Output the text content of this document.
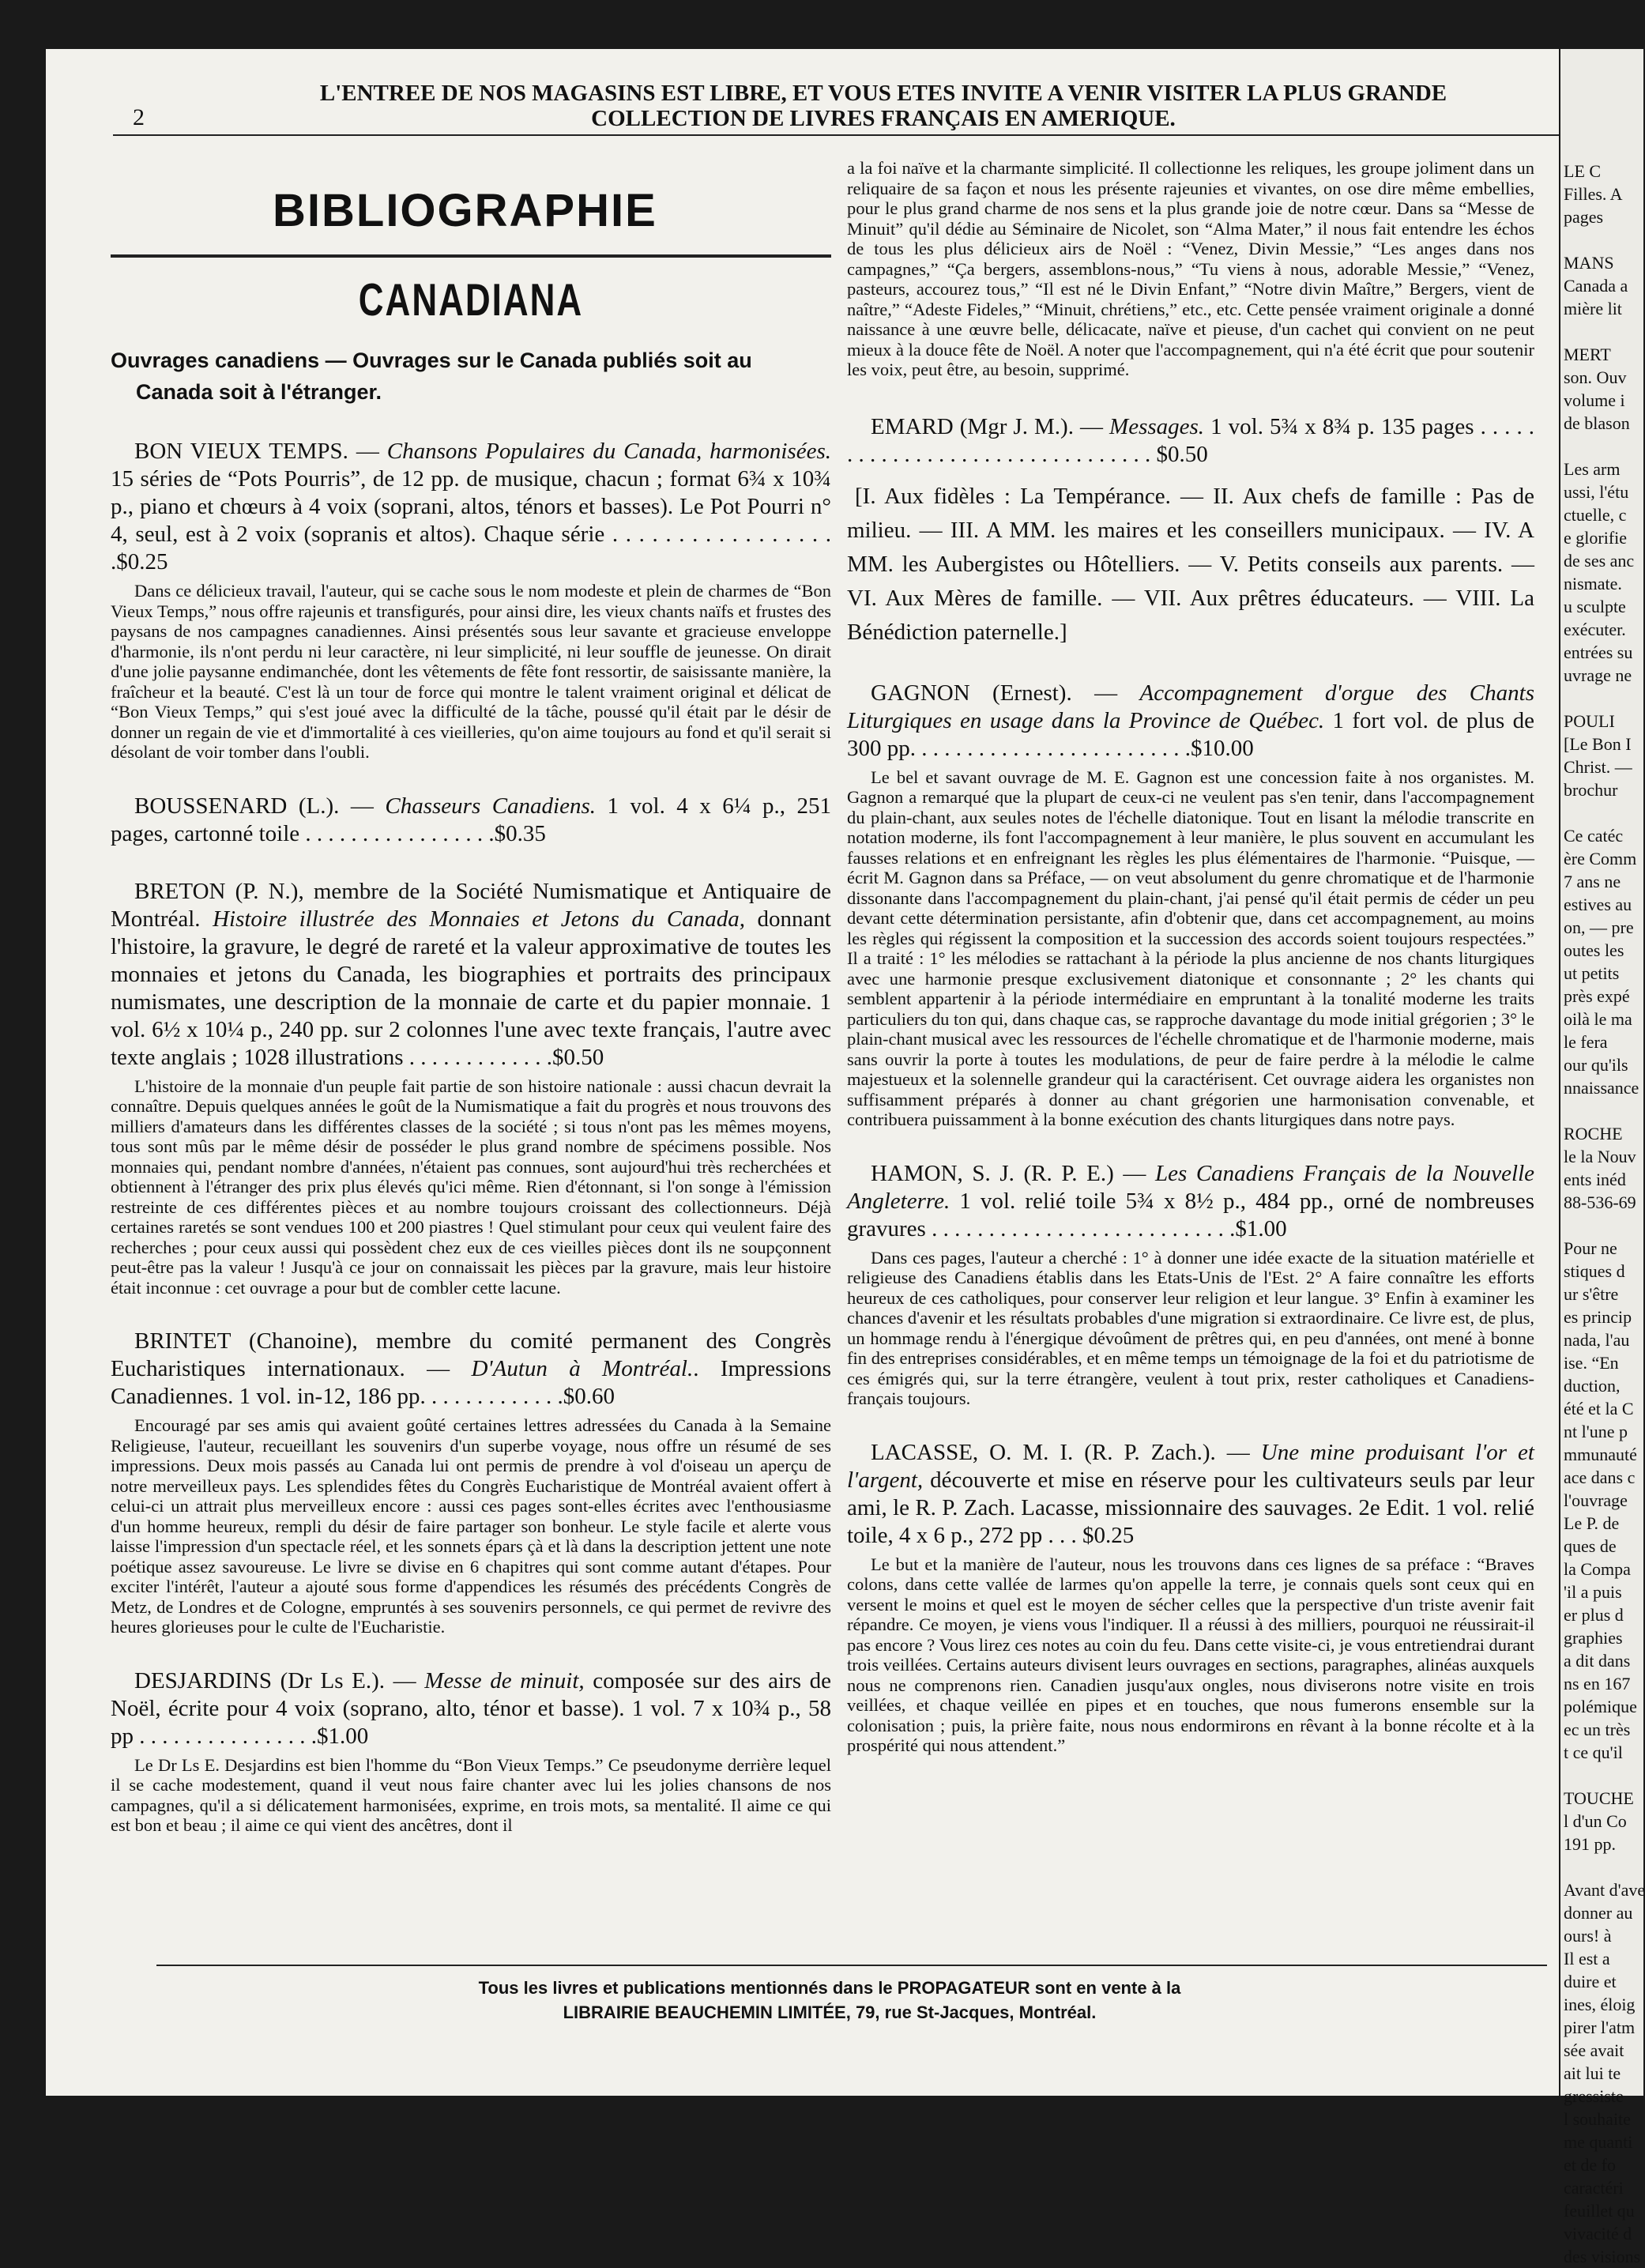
2
L'ENTREE DE NOS MAGASINS EST LIBRE, ET VOUS ETES INVITE A VENIR VISITER LA PLUS GRANDE
COLLECTION DE LIVRES FRANÇAIS EN AMERIQUE.
BIBLIOGRAPHIE
CANADIANA
Ouvrages canadiens — Ouvrages sur le Canada publiés soit au Canada soit à l'étranger.
BON VIEUX TEMPS. — Chansons Populaires du Canada, harmonisées. 15 séries de “Pots Pourris”, de 12 pp. de musique, chacun ; format 6¾ x 10¾ p., piano et chœurs à 4 voix (soprani, altos, ténors et basses). Le Pot Pourri n° 4, seul, est à 2 voix (sopranis et altos). Chaque série . . . . . . . . . . . . . . . . . .$0.25
Dans ce délicieux travail, l'auteur, qui se cache sous le nom modeste et plein de charmes de “Bon Vieux Temps,” nous offre rajeunis et transfigurés, pour ainsi dire, les vieux chants naïfs et frustes des paysans de nos campagnes canadiennes. Ainsi présentés sous leur savante et gracieuse enveloppe d'harmonie, ils n'ont perdu ni leur caractère, ni leur simplicité, ni leur souffle de jeunesse. On dirait d'une jolie paysanne endimanchée, dont les vêtements de fête font ressortir, de saisissante manière, la fraîcheur et la beauté. C'est là un tour de force qui montre le talent vraiment original et délicat de “Bon Vieux Temps,” qui s'est joué avec la difficulté de la tâche, poussé qu'il était par le désir de donner un regain de vie et d'immortalité à ces vieilleries, qu'on aime toujours au fond et qu'il serait si désolant de voir tomber dans l'oubli.
BOUSSENARD (L.). — Chasseurs Canadiens. 1 vol. 4 x 6¼ p., 251 pages, cartonné toile . . . . . . . . . . . . . . . . .$0.35
BRETON (P. N.), membre de la Société Numismatique et Antiquaire de Montréal. Histoire illustrée des Monnaies et Jetons du Canada, donnant l'histoire, la gravure, le degré de rareté et la valeur approximative de toutes les monnaies et jetons du Canada, les biographies et portraits des principaux numismates, une description de la monnaie de carte et du papier monnaie. 1 vol. 6½ x 10¼ p., 240 pp. sur 2 colonnes l'une avec texte français, l'autre avec texte anglais ; 1028 illustrations . . . . . . . . . . . . .$0.50
L'histoire de la monnaie d'un peuple fait partie de son histoire nationale : aussi chacun devrait la connaître. Depuis quelques années le goût de la Numismatique a fait du progrès et nous trouvons des milliers d'amateurs dans les différentes classes de la société ; si tous n'ont pas les mêmes moyens, tous sont mûs par le même désir de posséder le plus grand nombre de spécimens possible. Nos monnaies qui, pendant nombre d'années, n'étaient pas connues, sont aujourd'hui très recherchées et obtiennent à l'étranger des prix plus élevés qu'ici même. Rien d'étonnant, si l'on songe à l'émission restreinte de ces différentes pièces et au nombre toujours croissant des collectionneurs. Déjà certaines raretés se sont vendues 100 et 200 piastres ! Quel stimulant pour ceux qui veulent faire des recherches ; pour ceux aussi qui possèdent chez eux de ces vieilles pièces dont ils ne soupçonnent peut-être pas la valeur ! Jusqu'à ce jour on connaissait les pièces par la gravure, mais leur histoire était inconnue : cet ouvrage a pour but de combler cette lacune.
BRINTET (Chanoine), membre du comité permanent des Congrès Eucharistiques internationaux. — D'Autun à Montréal.. Impressions Canadiennes. 1 vol. in-12, 186 pp. . . . . . . . . . . . .$0.60
Encouragé par ses amis qui avaient goûté certaines lettres adressées du Canada à la Semaine Religieuse, l'auteur, recueillant les souvenirs d'un superbe voyage, nous offre un résumé de ses impressions. Deux mois passés au Canada lui ont permis de prendre à vol d'oiseau un aperçu de notre merveilleux pays. Les splendides fêtes du Congrès Eucharistique de Montréal avaient offert à celui-ci un attrait plus merveilleux encore : aussi ces pages sont-elles écrites avec l'enthousiasme d'un homme heureux, rempli du désir de faire partager son bonheur. Le style facile et alerte vous laisse l'impression d'un spectacle réel, et les sonnets épars çà et là dans la description jettent une note poétique assez savoureuse. Le livre se divise en 6 chapitres qui sont comme autant d'étapes. Pour exciter l'intérêt, l'auteur a ajouté sous forme d'appendices les résumés des précédents Congrès de Metz, de Londres et de Cologne, empruntés à ses souvenirs personnels, ce qui permet de revivre des heures glorieuses pour le culte de l'Eucharistie.
DESJARDINS (Dr Ls E.). — Messe de minuit, composée sur des airs de Noël, écrite pour 4 voix (soprano, alto, ténor et basse). 1 vol. 7 x 10¾ p., 58 pp . . . . . . . . . . . . . . . .$1.00
Le Dr Ls E. Desjardins est bien l'homme du “Bon Vieux Temps.” Ce pseudonyme derrière lequel il se cache modestement, quand il veut nous faire chanter avec lui les jolies chansons de nos campagnes, qu'il a si délicatement harmonisées, exprime, en trois mots, sa mentalité. Il aime ce qui est bon et beau ; il aime ce qui vient des ancêtres, dont il
a la foi naïve et la charmante simplicité. Il collectionne les reliques, les groupe joliment dans un reliquaire de sa façon et nous les présente rajeunies et vivantes, on ose dire même embellies, pour le plus grand charme de nos sens et la plus grande joie de notre cœur. Dans sa “Messe de Minuit” qu'il dédie au Séminaire de Nicolet, son “Alma Mater,” il nous fait entendre les échos de tous les plus délicieux airs de Noël : “Venez, Divin Messie,” “Les anges dans nos campagnes,” “Ça bergers, assemblons-nous,” “Tu viens à nous, adorable Messie,” “Venez, pasteurs, accourez tous,” “Il est né le Divin Enfant,” “Notre divin Maître,” Bergers, vient de naître,” “Adeste Fideles,” “Minuit, chrétiens,” etc., etc. Cette pensée vraiment originale a donné naissance à une œuvre belle, délicacate, naïve et pieuse, d'un cachet qui convient on ne peut mieux à la douce fête de Noël. A noter que l'accompagnement, qui n'a été écrit que pour soutenir les voix, peut être, au besoin, supprimé.
EMARD (Mgr J. M.). — Messages. 1 vol. 5¾ x 8¾ p. 135 pages . . . . . . . . . . . . . . . . . . . . . . . . . . . . . . . . $0.50
[I. Aux fidèles : La Tempérance. — II. Aux chefs de famille : Pas de milieu. — III. A MM. les maires et les conseillers municipaux. — IV. A MM. les Aubergistes ou Hôtelliers. — V. Petits conseils aux parents. — VI. Aux Mères de famille. — VII. Aux prêtres éducateurs. — VIII. La Bénédiction paternelle.]
GAGNON (Ernest). — Accompagnement d'orgue des Chants Liturgiques en usage dans la Province de Québec. 1 fort vol. de plus de 300 pp. . . . . . . . . . . . . . . . . . . . . . . . .$10.00
Le bel et savant ouvrage de M. E. Gagnon est une concession faite à nos organistes. M. Gagnon a remarqué que la plupart de ceux-ci ne veulent pas s'en tenir, dans l'accompagnement du plain-chant, aux seules notes de l'échelle diatonique. Tout en lisant la mélodie transcrite en notation moderne, ils font l'accompagnement à leur manière, le plus souvent en accumulant les fausses relations et en enfreignant les règles les plus élémentaires de l'harmonie. “Puisque, — écrit M. Gagnon dans sa Préface, — on veut absolument du genre chromatique et de l'harmonie dissonante dans l'accompagnement du plain-chant, j'ai pensé qu'il était permis de céder un peu devant cette détermination persistante, afin d'obtenir que, dans cet accompagnement, au moins les règles qui régissent la composition et la succession des accords soient toujours respectées.” Il a traité : 1° les mélodies se rattachant à la période la plus ancienne de nos chants liturgiques avec une harmonie presque exclusivement diatonique et consonnante ; 2° les chants qui semblent appartenir à la période intermédiaire en empruntant à la tonalité moderne les traits particuliers du ton qui, dans chaque cas, se rapproche davantage du mode initial grégorien ; 3° le plain-chant musical avec les ressources de l'échelle chromatique et de l'harmonie moderne, mais sans ouvrir la porte à toutes les modulations, de peur de faire perdre à la mélodie le calme majestueux et la solennelle grandeur qui la caractérisent. Cet ouvrage aidera les organistes non suffisamment préparés à donner au chant grégorien une harmonisation convenable, et contribuera puissamment à la bonne exécution des chants liturgiques dans notre pays.
HAMON, S. J. (R. P. E.) — Les Canadiens Français de la Nouvelle Angleterre. 1 vol. relié toile 5¾ x 8½ p., 484 pp., orné de nombreuses gravures . . . . . . . . . . . . . . . . . . . . . . . . . . .$1.00
Dans ces pages, l'auteur a cherché : 1° à donner une idée exacte de la situation matérielle et religieuse des Canadiens établis dans les Etats-Unis de l'Est. 2° A faire connaître les efforts heureux de ces catholiques, pour conserver leur religion et leur langue. 3° Enfin à examiner les chances d'avenir et les résultats probables d'une migration si extraordinaire. Ce livre est, de plus, un hommage rendu à l'énergique dévoûment de prêtres qui, en peu d'années, ont mené à bonne fin des entreprises considérables, et en même temps un témoignage de la foi et du patriotisme de ces émigrés qui, sur la terre étrangère, veulent à tout prix, rester catholiques et Canadiens-français toujours.
LACASSE, O. M. I. (R. P. Zach.). — Une mine produisant l'or et l'argent, découverte et mise en réserve pour les cultivateurs seuls par leur ami, le R. P. Zach. Lacasse, missionnaire des sauvages. 2e Edit. 1 vol. relié toile, 4 x 6 p., 272 pp . . . $0.25
Le but et la manière de l'auteur, nous les trouvons dans ces lignes de sa préface : “Braves colons, dans cette vallée de larmes qu'on appelle la terre, je connais quels sont ceux qui en versent le moins et quel est le moyen de sécher celles que la perspective d'un triste avenir fait répandre. Ce moyen, je viens vous l'indiquer. Il a réussi à des milliers, pourquoi ne réussirait-il pas encore ? Vous lirez ces notes au coin du feu. Dans cette visite-ci, je vous entretiendrai durant trois veillées. Certains auteurs divisent leurs ouvrages en sections, paragraphes, alinéas auxquels nous ne comprenons rien. Canadien jusqu'aux ongles, nous diviserons notre visite en trois veillées, et chaque veillée en pipes et en touches, que nous fumerons ensemble sur la colonisation ; puis, la prière faite, nous nous endormirons en rêvant à la bonne récolte et à la prospérité qui nous attendent.”
LE C
Filles. A
pages

MANS
Canada a
mière lit

MERT
son. Ouv
volume i
de blason

Les arm
ussi, l'étu
ctuelle, c
e glorifie
de ses anc
nismate.
u sculpte
exécuter.
entrées su
uvrage ne

POULI
[Le Bon I
Christ. —
brochur

Ce catéc
ère Comm
7 ans ne
estives au
on, — pre
outes les
ut petits
près expé
oilà le ma
le fera
our qu'ils
nnaissance

ROCHE
le la Nouv
ents inéd
88-536-69

Pour ne
stiques d
ur s'être
es princip
nada, l'au
ise. “En
duction,
été et la C
nt l'une p
mmunauté
ace dans c
l'ouvrage
Le P. de
ques de
la Compa
'il a puis
er plus d
graphies
a dit dans
ns en 167
polémique
ec un très
t ce qu'il

TOUCHE
l d'un Co
191 pp.

Avant d'ave
donner au
ours! à
Il est a
duire et
ines, éloig
pirer l'atm
sée avait
ait lui te
gressiste
l souhaite
me quanti
et de fo
caractéri
feuillet qu
vivacité d
des visions
Tous les livres et publications mentionnés dans le PROPAGATEUR sont en vente à la
LIBRAIRIE BEAUCHEMIN LIMITÉE, 79, rue St-Jacques, Montréal.
